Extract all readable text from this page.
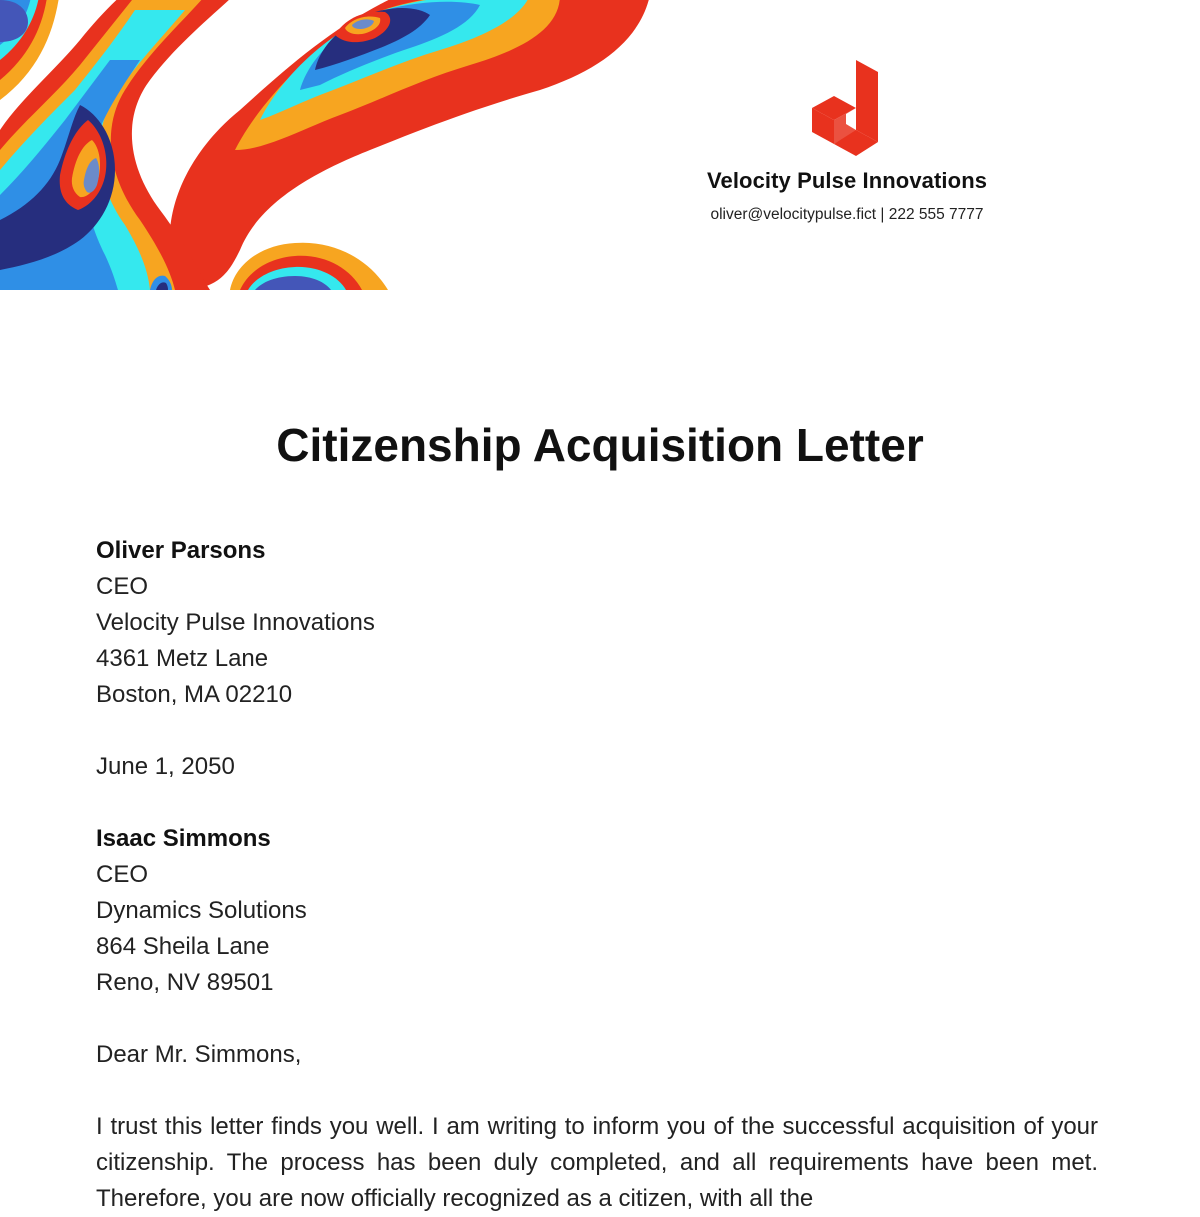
Velocity Pulse Innovations
oliver@velocitypulse.fict | 222 555 7777
Citizenship Acquisition Letter
Oliver Parsons
CEO
Velocity Pulse Innovations
4361 Metz Lane
Boston, MA 02210
June 1, 2050
Isaac Simmons
CEO
Dynamics Solutions
864 Sheila Lane
Reno, NV 89501
Dear Mr. Simmons,

I trust this letter finds you well. I am writing to inform you of the successful acquisition of your citizenship. The process has been duly completed, and all requirements have been met. Therefore, you are now officially recognized as a citizen, with all the
